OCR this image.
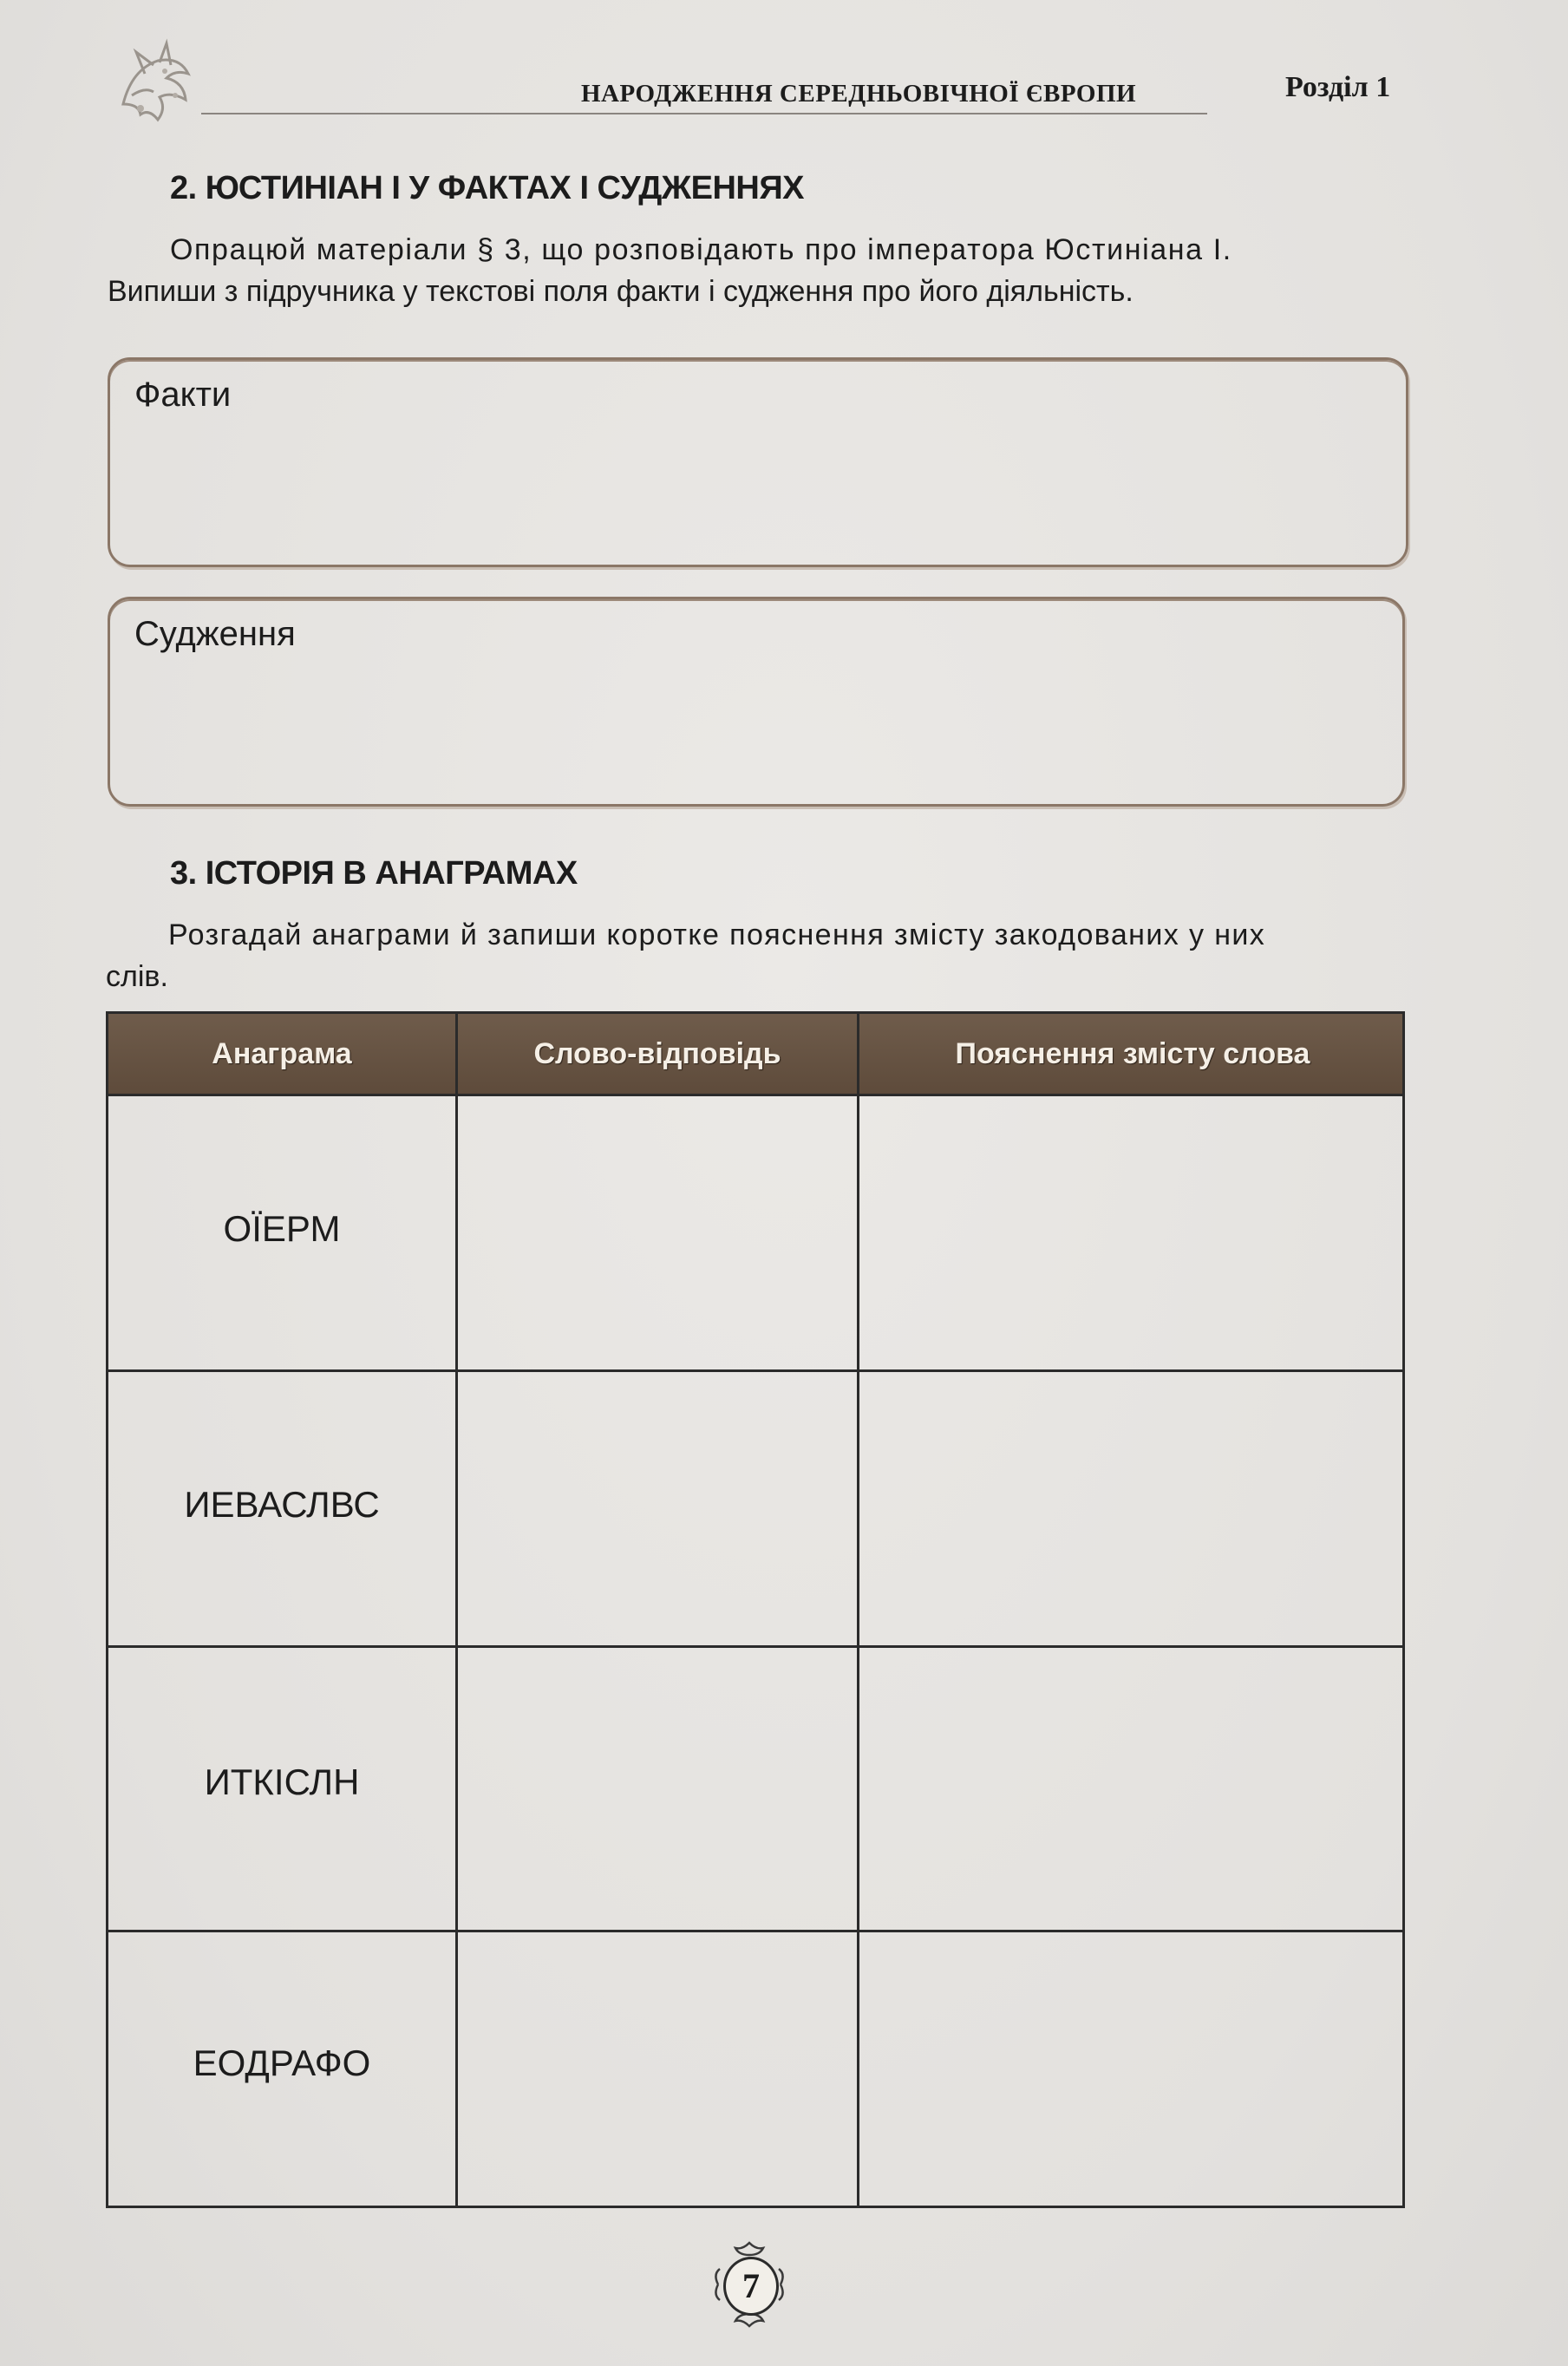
НАРОДЖЕННЯ СЕРЕДНЬОВІЧНОЇ ЄВРОПИ	Розділ 1
2. ЮСТИНІАН І У ФАКТАХ І СУДЖЕННЯХ
Опрацюй матеріали § 3, що розповідають про імператора Юстиніана І.
Випиши з підручника у текстові поля факти і судження про його діяльність.
Факти
Судження
3. ІСТОРІЯ В АНАГРАМАХ
Розгадай анаграми й запиши коротке пояснення змісту закодованих у них
слів.
Анаграма	Слово-відповідь	Пояснення змісту слова
ОЇЕРМ
ИЕВАСЛВС
ИТКІСЛН
ЕОДРАФО
7
